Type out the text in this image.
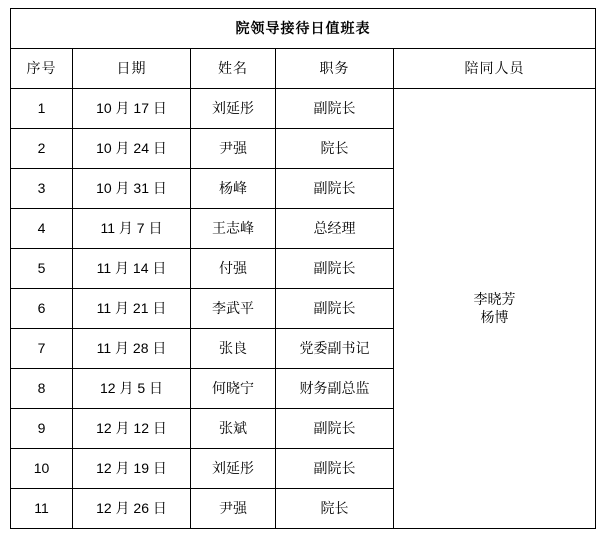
院领导接待日值班表				
序号	日期	姓名	职务	陪同人员
1	10 月 17 日	刘延彤	副院长	李晓芳
杨博

2	10 月 24 日	尹强	院长	
3	10 月 31 日	杨峰	副院长	
4	11 月 7 日	王志峰	总经理	
5	11 月 14 日	付强	副院长	
6	11 月 21 日	李武平	副院长	
7	11 月 28 日	张良	党委副书记	
8	12 月 5 日	何晓宁	财务副总监	
9	12 月 12 日	张斌	副院长	
10	12 月 19 日	刘延彤	副院长	
11	12 月 26 日	尹强	院长	
